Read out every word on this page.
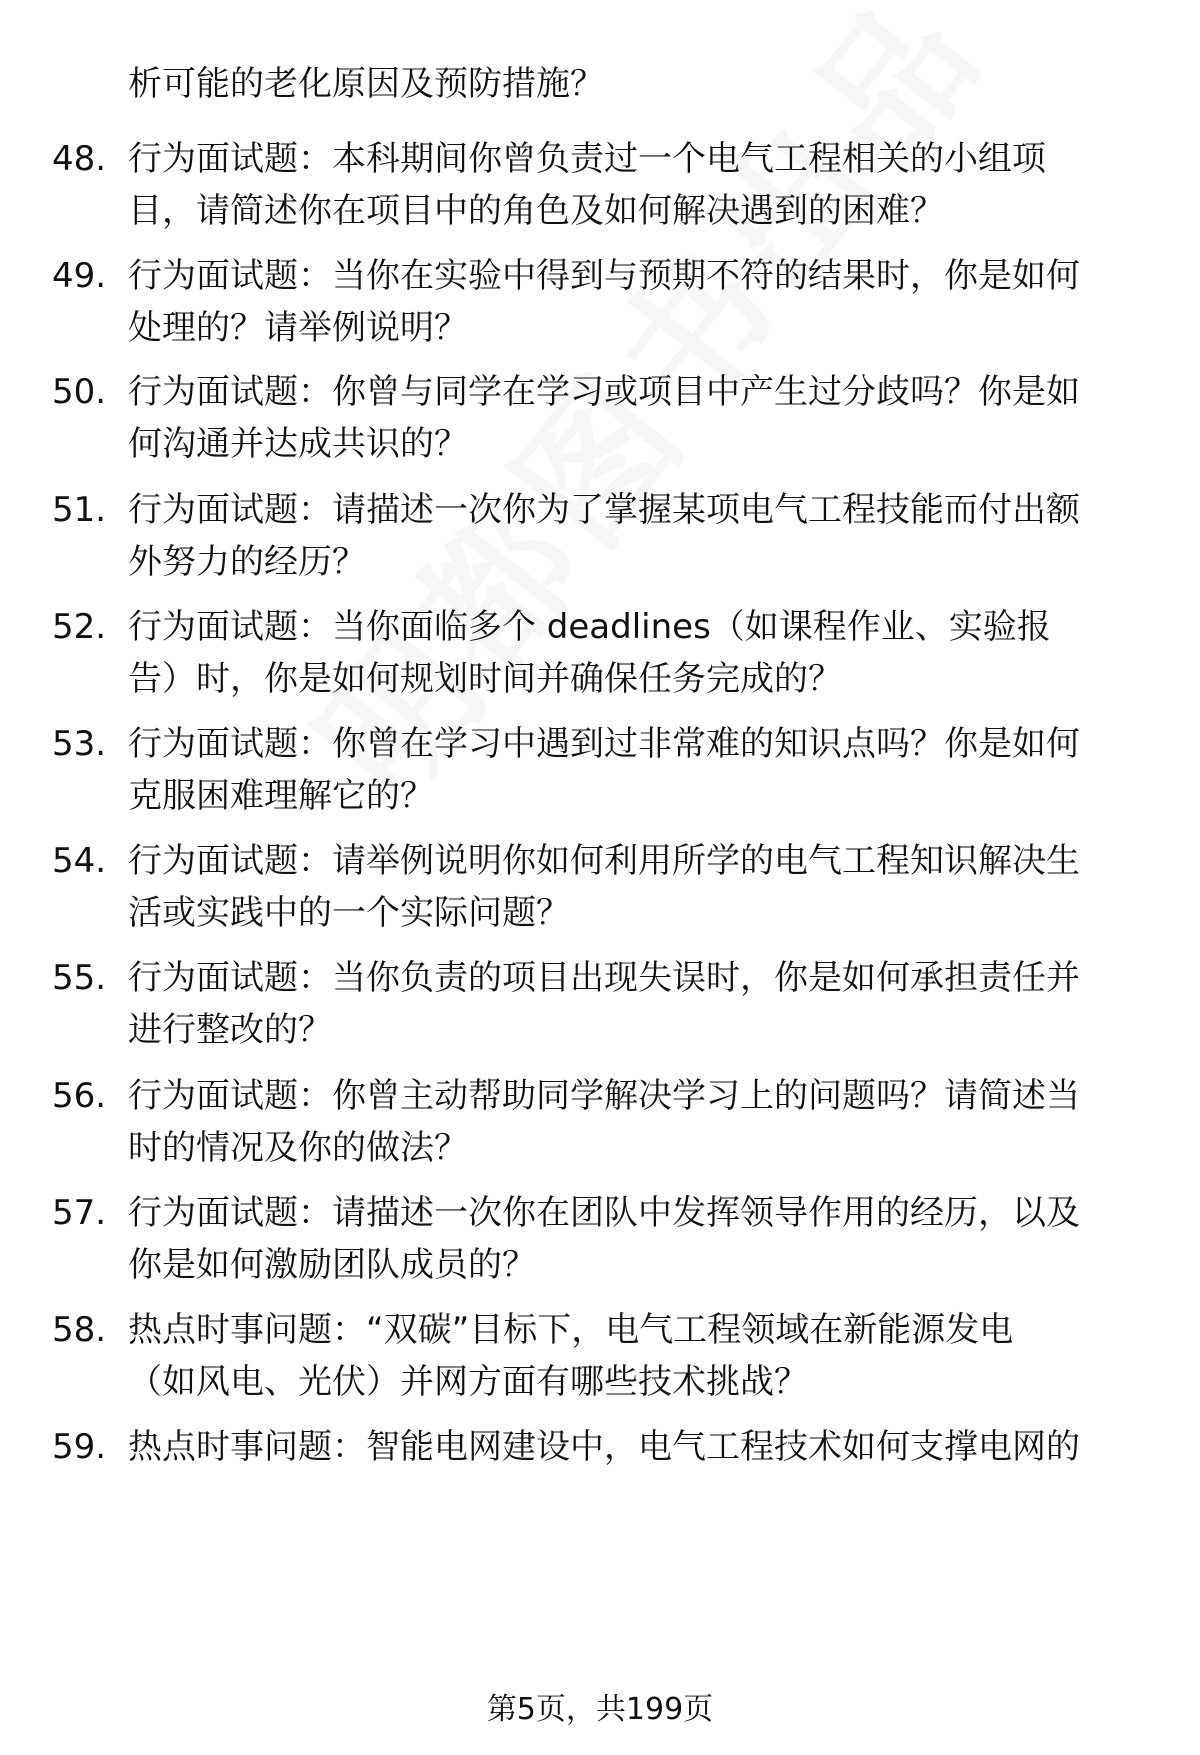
析可能的老化原因及预防措施？
48. 行为面试题：本科期间你曾负责过一个电气工程相关的小组项
目，请简述你在项目中的角色及如何解决遇到的困难？
49. 行为面试题：当你在实验中得到与预期不符的结果时，你是如何
处理的？请举例说明？
50. 行为面试题：你曾与同学在学习或项目中产生过分歧吗？你是如
何沟通并达成共识的？
51. 行为面试题：请描述一次你为了掌握某项电气工程技能而付出额
外努力的经历？
52. 行为面试题：当你面临多个 deadlines（如课程作业、实验报
告）时，你是如何规划时间并确保任务完成的？
53. 行为面试题：你曾在学习中遇到过非常难的知识点吗？你是如何
克服困难理解它的？
54. 行为面试题：请举例说明你如何利用所学的电气工程知识解决生
活或实践中的一个实际问题？
55. 行为面试题：当你负责的项目出现失误时，你是如何承担责任并
进行整改的？
56. 行为面试题：你曾主动帮助同学解决学习上的问题吗？请简述当
时的情况及你的做法？
57. 行为面试题：请描述一次你在团队中发挥领导作用的经历，以及
你是如何激励团队成员的？
58. 热点时事问题：“双碳”目标下，电气工程领域在新能源发电
（如风电、光伏）并网方面有哪些技术挑战？
59. 热点时事问题：智能电网建设中，电气工程技术如何支撑电网的
第5页，共199页
